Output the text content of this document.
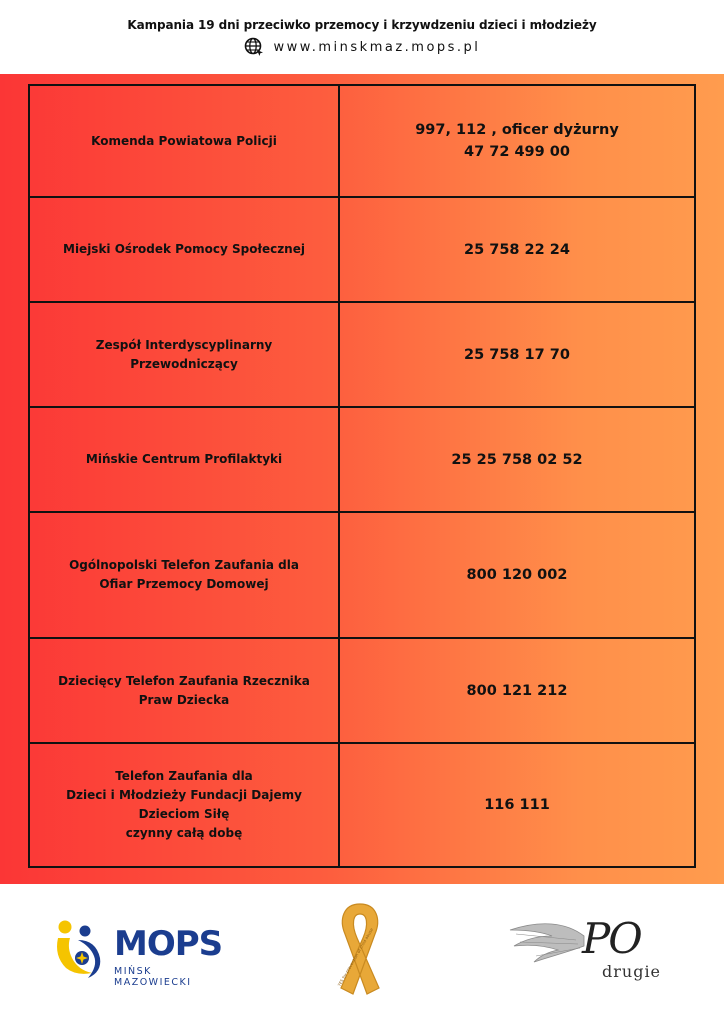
Kampania 19 dni przeciwko przemocy i krzywdzeniu dzieci i młodzieży
www.minskmaz.mops.pl
Komenda Powiatowa Policji	997, 112 , oficer dyżurny
47 72 499 00

Miejski Ośrodek Pomocy Społecznej	25 758 22 24

Zespół Interdyscyplinarny
Przewodniczący	25 758 17 70

Mińskie Centrum Profilaktyki	25 25 758 02 52

Ogólnopolski Telefon Zaufania dla
Ofiar Przemocy Domowej	800 120 002

Dziecięcy Telefon Zaufania Rzecznika
Praw Dziecka	800 121 212

Telefon Zaufania dla
Dzieci i Młodzieży Fundacji Dajemy
Dzieciom Siłę
czynny całą dobę	116 111
MOPS
MIŃSK MAZOWIECKI	YES for prevention of child abuse	PO
drugie
